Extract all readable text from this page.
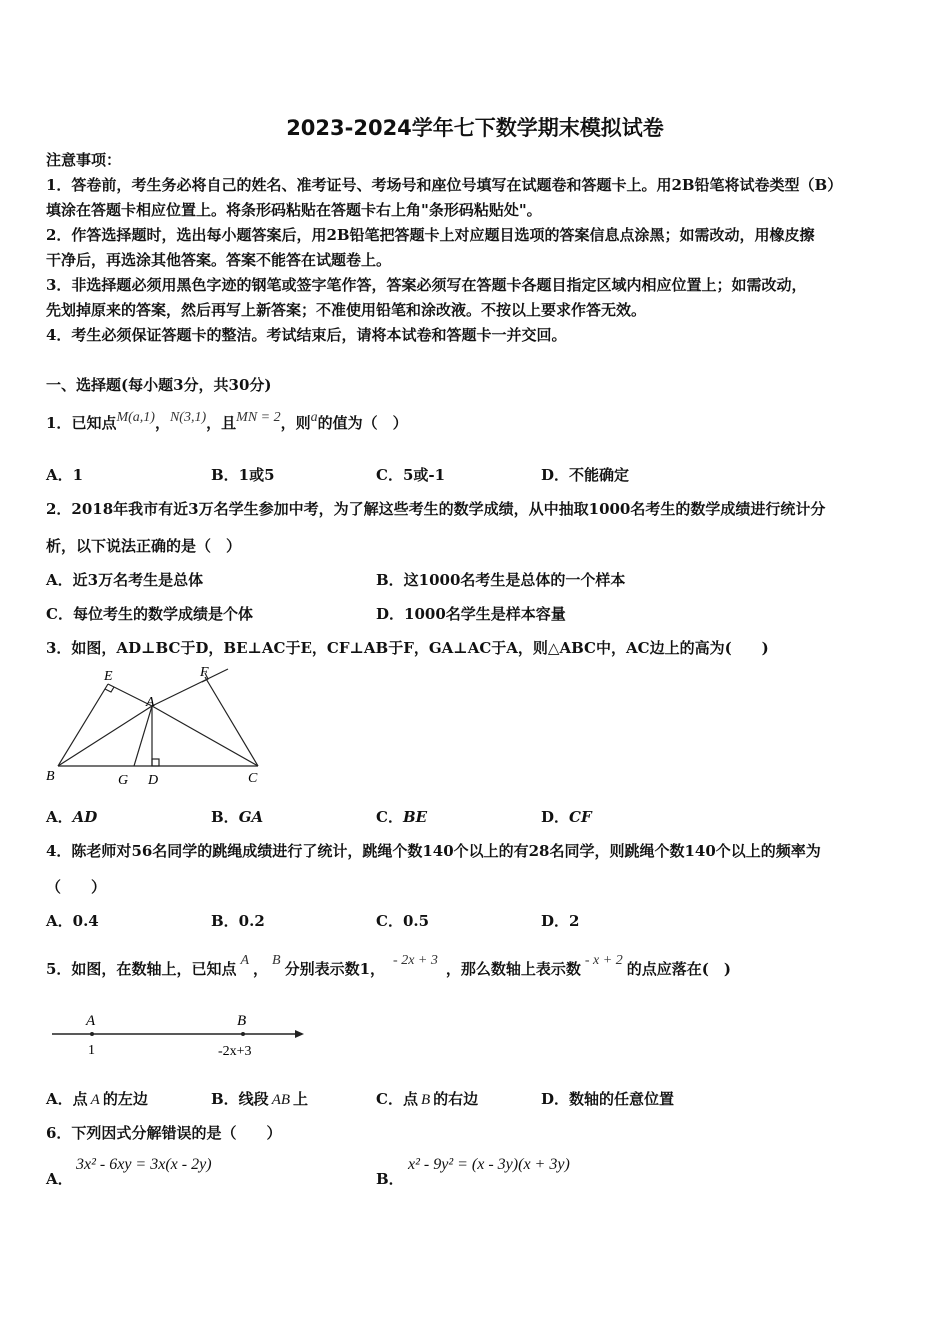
2023-2024学年七下数学期末模拟试卷
注意事项：
1．答卷前，考生务必将自己的姓名、准考证号、考场号和座位号填写在试题卷和答题卡上。用2B铅笔将试卷类型（B）
填涂在答题卡相应位置上。将条形码粘贴在答题卡右上角"条形码粘贴处"。
2．作答选择题时，选出每小题答案后，用2B铅笔把答题卡上对应题目选项的答案信息点涂黑；如需改动，用橡皮擦
干净后，再选涂其他答案。答案不能答在试题卷上。
3．非选择题必须用黑色字迹的钢笔或签字笔作答，答案必须写在答题卡各题目指定区域内相应位置上；如需改动，
先划掉原来的答案，然后再写上新答案；不准使用铅笔和涂改液。不按以上要求作答无效。
4．考生必须保证答题卡的整洁。考试结束后，请将本试卷和答题卡一并交回。
一、选择题(每小题3分，共30分)
1．已知点M(a,1)，N(3,1)，且MN = 2，则a的值为（　）
A．1	B．1或5	C．5或-1	D．不能确定
2．2018年我市有近3万名学生参加中考，为了解这些考生的数学成绩，从中抽取1000名考生的数学成绩进行统计分
析，以下说法正确的是（　）
A．近3万名考生是总体	B．这1000名考生是总体的一个样本
C．每位考生的数学成绩是个体	D．1000名学生是样本容量
3．如图，AD⊥BC于D，BE⊥AC于E，CF⊥AB于F，GA⊥AC于A，则△ABC中，AC边上的高为(　　)
E	F
A
B	G D	C
A．AD	B．GA	C．BE	D．CF
4．陈老师对56名同学的跳绳成绩进行了统计，跳绳个数140个以上的有28名同学，则跳绳个数140个以上的频率为
（　　）
A．0.4	B．0.2	C．0.5	D．2
5．如图，在数轴上，已知点 A ， B 分别表示数1， - 2x + 3 ，那么数轴上表示数 - x + 2 的点应落在(　)
A	B
1	-2x+3
A．点 A 的左边	B．线段 AB 上	C．点 B 的右边	D．数轴的任意位置
6．下列因式分解错误的是（　　）
A．
3x² - 6xy = 3x(x - 2y)
B．
x² - 9y² = (x - 3y)(x + 3y)
